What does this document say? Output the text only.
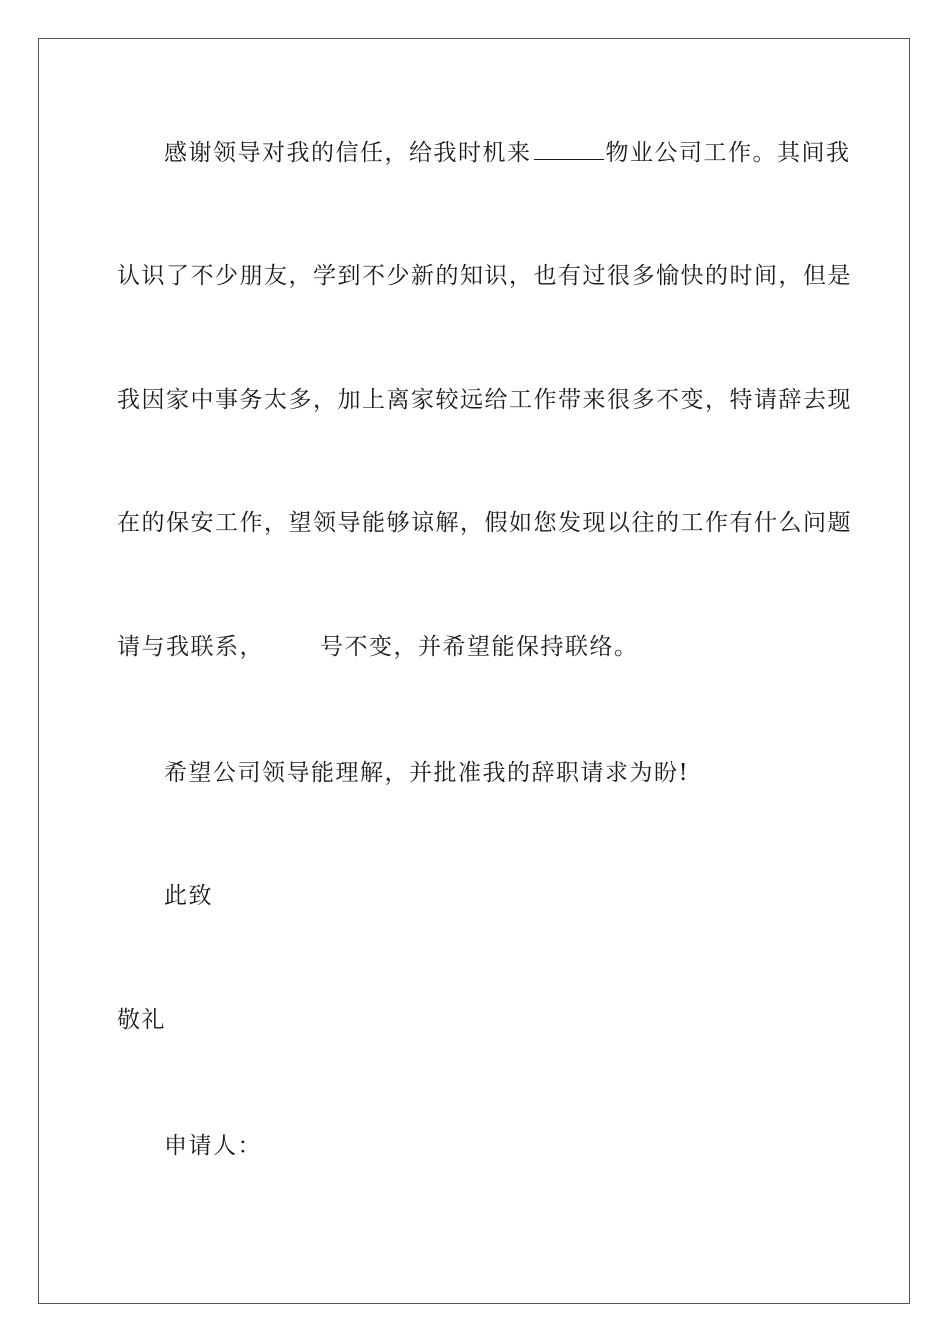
感谢领导对我的信任，给我时机来	物业公司工作。其间我
认识了不少朋友，学到不少新的知识，也有过很多愉快的时间，但是
我因家中事务太多，加上离家较远给工作带来很多不变，特请辞去现
在的保安工作，望领导能够谅解，假如您发现以往的工作有什么问题
请与我联系， 号不变，并希望能保持联络。
希望公司领导能理解，并批准我的辞职请求为盼!
此致
敬礼
申请人：
